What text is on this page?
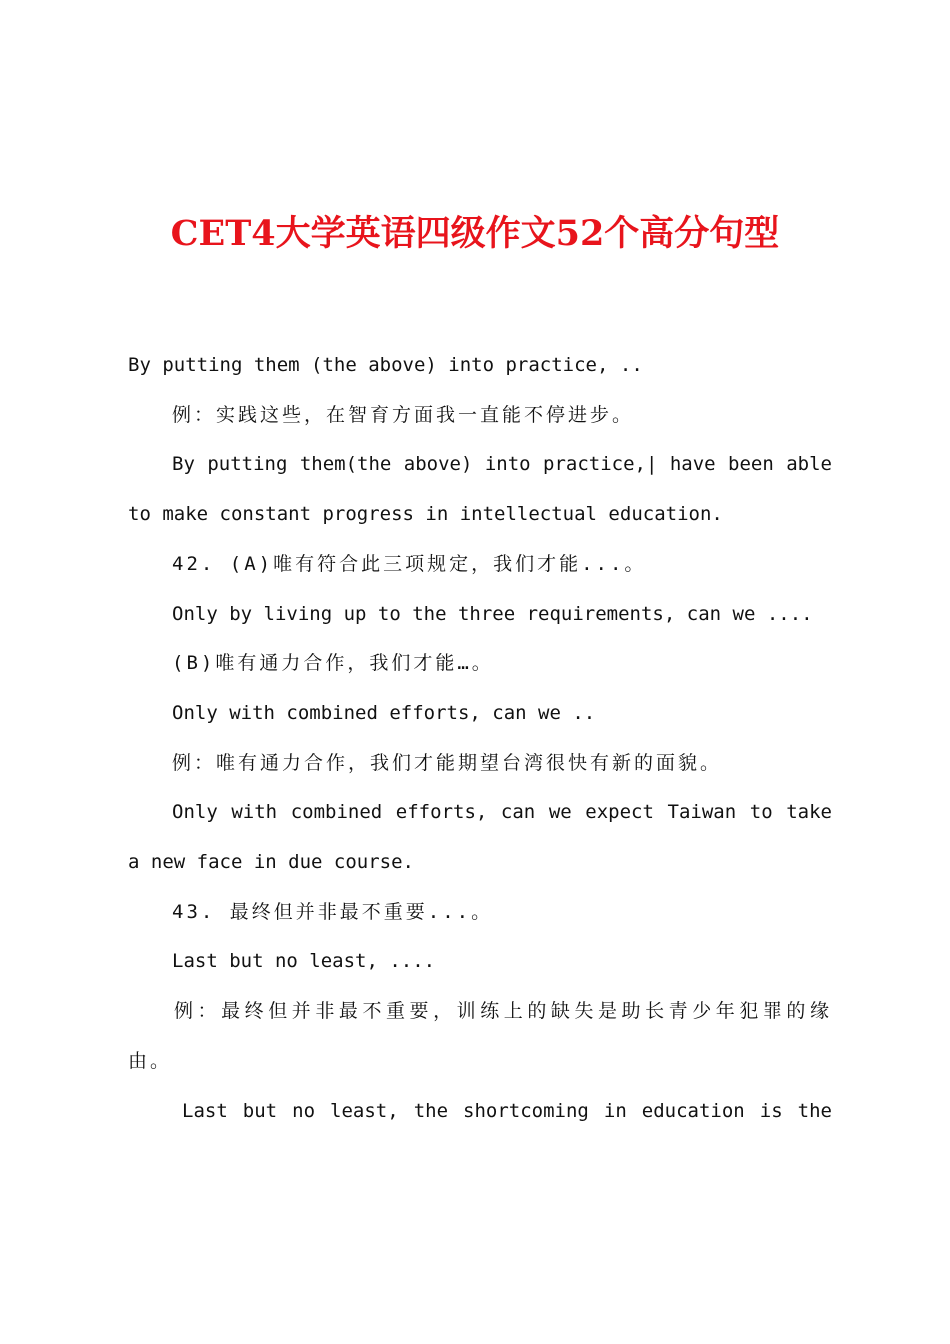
CET4大学英语四级作文52个高分句型

By putting them (the above) into practice, ..

例：实践这些，在智育方面我一直能不停进步。

By putting them(the above) into practice,| have been able to make constant progress in intellectual education.

42. (A)唯有符合此三项规定，我们才能...。

Only by living up to the three requirements, can we ....

(B)唯有通力合作，我们才能…。

Only with combined efforts, can we ..

例：唯有通力合作，我们才能期望台湾很快有新的面貌。

Only with combined efforts, can we expect Taiwan to take a new face in due course.

43. 最终但并非最不重要...。

Last but no least, ....

例：最终但并非最不重要，训练上的缺失是助长青少年犯罪的缘由。

Last but no least, the shortcoming in education is the
